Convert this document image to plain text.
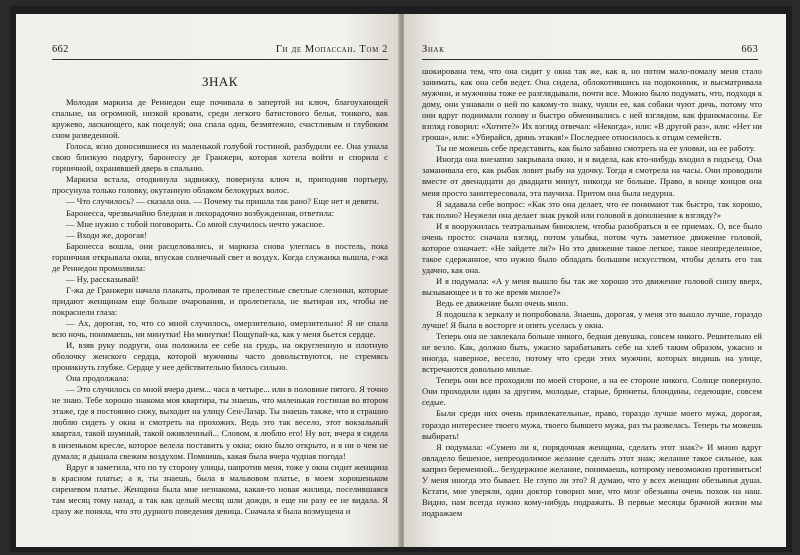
662	Ги де Мопассан. Том 2
ЗНАК

Молодая маркиза де Реннедон еще почивала в запертой на ключ, благоухающей спальне, на огромной, низкой кровати, среди легкого батистового белья, тонкого, как кружево, ласкающего, как поцелуй; она спала одна, безмятежно, счастливым и глубоким сном разведенной.

Голоса, ясно доносившиеся из маленькой голубой гостиной, разбудили ее. Она узнала свою близкую подругу, баронессу де Гранжери, которая хотела войти и спорила с горничной, охранявшей дверь в спальню.

Маркиза встала, отодвинула задвижку, повернула ключ и, приподняв портьеру, просунула только головку, окутанную облаком белокурых волос.

— Что случилось? — сказала она. — Почему ты пришла так рано? Еще нет и девяти.

Баронесса, чрезвычайно бледная и лихорадочно возбужденная, ответила:

— Мне нужно с тобой поговорить. Со мной случилось нечто ужасное.

— Входи же, дорогая!

Баронесса вошла, они расцеловались, и маркиза снова улеглась в постель, пока горничная открывала окна, впуская солнечный свет и воздух. Когда служанка вышла, г-жа де Реннедон промолвила:

— Ну, рассказывай!

Г-жа де Гранжери начала плакать, проливая те прелестные светлые слезинки, которые придают женщинам еще больше очарования, и пролепетала, не вытирая их, чтобы не покраснели глаза:

— Ах, дорогая, то, что со мной случилось, омерзительно, омерзительно! Я не спала всю ночь, понимаешь, ни минутки! Ни минутки! Пощупай-ка, как у меня бьется сердце.

И, взяв руку подруги, она положила ее себе на грудь, на округленную и плотную оболочку женского сердца, которой мужчины часто довольствуются, не стремясь проникнуть глубже. Сердце у нее действительно билось сильно.

Она продолжала:

— Это случилось со мной вчера днем... часа в четыре... или в половине пятого. Я точно не знаю. Тебе хорошо знакома моя квартира, ты знаешь, что маленькая гостиная во втором этаже, где я постоянно сижу, выходит на улицу Сен-Лазар. Ты знаешь также, что я страшно люблю сидеть у окна и смотреть на прохожих. Ведь это так весело, этот вокзальный квартал, такой шумный, такой оживленный... Словом, я люблю его! Ну вот, вчера я сидела в низеньком кресле, которое велела поставить у окна; окно было открыто, и я ни о чем не думала; я дышала свежим воздухом. Помнишь, какая была вчера чудная погода!

Вдруг я заметила, что по ту сторону улицы, напротив меня, тоже у окна сидит женщина в красном платье; а я, ты знаешь, была в мальвовом платье, в моем хорошеньком сиреневом платье. Женщина была мне незнакома, какая-то новая жилица, поселившаяся там месяц тому назад, а так как целый месяц шли дожди, я еще ни разу ее не видала. Я сразу же поняла, что это дурного поведения девица. Сначала я была возмущена и

Знак	663

шокирована тем, что она сидит у окна так же, как я, но потом мало-помалу меня стало занимать, как она себя ведет. Она сидела, облокотившись на подоконник, и высматривала мужчин, и мужчины тоже ее разглядывали, почти все. Можно было подумать, что, подходя к дому, они узнавали о ней по какому-то знаку, чуяли ее, как собаки чуют дичь, потому что они вдруг поднимали голову и быстро обменивались с ней взглядом, как франкмасоны. Ее взгляд говорил: «Хотите?» Их взгляд отвечал: «Некогда», или: «В другой раз», или: «Нет ни гроша», или: «Убирайся, дрянь этакая!» Последнее относилось к отцам семейств.

Ты не можешь себе представить, как было забавно смотреть на ее уловки, на ее работу.

Иногда она внезапно закрывала окно, и я видела, как кто-нибудь входил в подъезд. Она заманивала его, как рыбак ловит рыбу на удочку. Тогда я смотрела на часы. Они проводили вместе от двенадцати до двадцати минут, никогда не больше. Право, в конце концов она меня просто заинтересовала, эта паучиха. Притом она была недурна.

Я задавала себе вопрос: «Как это она делает, что ее понимают так быстро, так хорошо, так полно? Неужели она делает знак рукой или головой в дополнение к взгляду?»

И я вооружилась театральным биноклем, чтобы разобраться в ее приемах. О, все было очень просто: сначала взгляд, потом улыбка, потом чуть заметное движение головой, которое означает: «Не зайдете ли?» Но это движение такое легкое, такое неопределенное, такое сдержанное, что нужно было обладать большим искусством, чтобы делать его так удачно, как она.

И я подумала: «А у меня вышло бы так же хорошо это движение головой снизу вверх, вызывающее и в то же время милое?»

Ведь ее движение было очень мило.

Я подошла к зеркалу и попробовала. Знаешь, дорогая, у меня это вышло лучше, гораздо лучше! Я была в восторге и опять уселась у окна.

Теперь она не завлекала больше никого, бедная девушка, совсем никого. Решительно ей не везло. Как, должно быть, ужасно зарабатывать себе на хлеб таким образом, ужасно и иногда, наверное, весело, потому что среди этих мужчин, которых видишь на улице, встречаются довольно милые.

Теперь они все проходили по моей стороне, а на ее стороне никого. Солнце повернуло. Они проходили один за другим, молодые, старые, брюнеты, блондины, седеющие, совсем седые.

Были среди них очень привлекательные, право, гораздо лучше моего мужа, дорогая, гораздо интереснее твоего мужа, твоего бывшего мужа, раз ты развелась. Теперь ты можешь выбирать!

Я подумала: «Сумею ли я, порядочная женщина, сделать этот знак?» И мною вдруг овладело бешеное, непреодолимое желание сделать этот знак; желание такое сильное, как каприз беременной... безудержное желание, понимаешь, которому невозможно противиться! У меня иногда это бывает. Не глупо ли это? Я думаю, что у всех женщин обезьянья душа. Кстати, мне уверяли, один доктор говорил мне, что мозг обезьяны очень похож на наш. Видно, нам всегда нужно кому-нибудь подражать. В первые месяцы брачной жизни мы подражаем
